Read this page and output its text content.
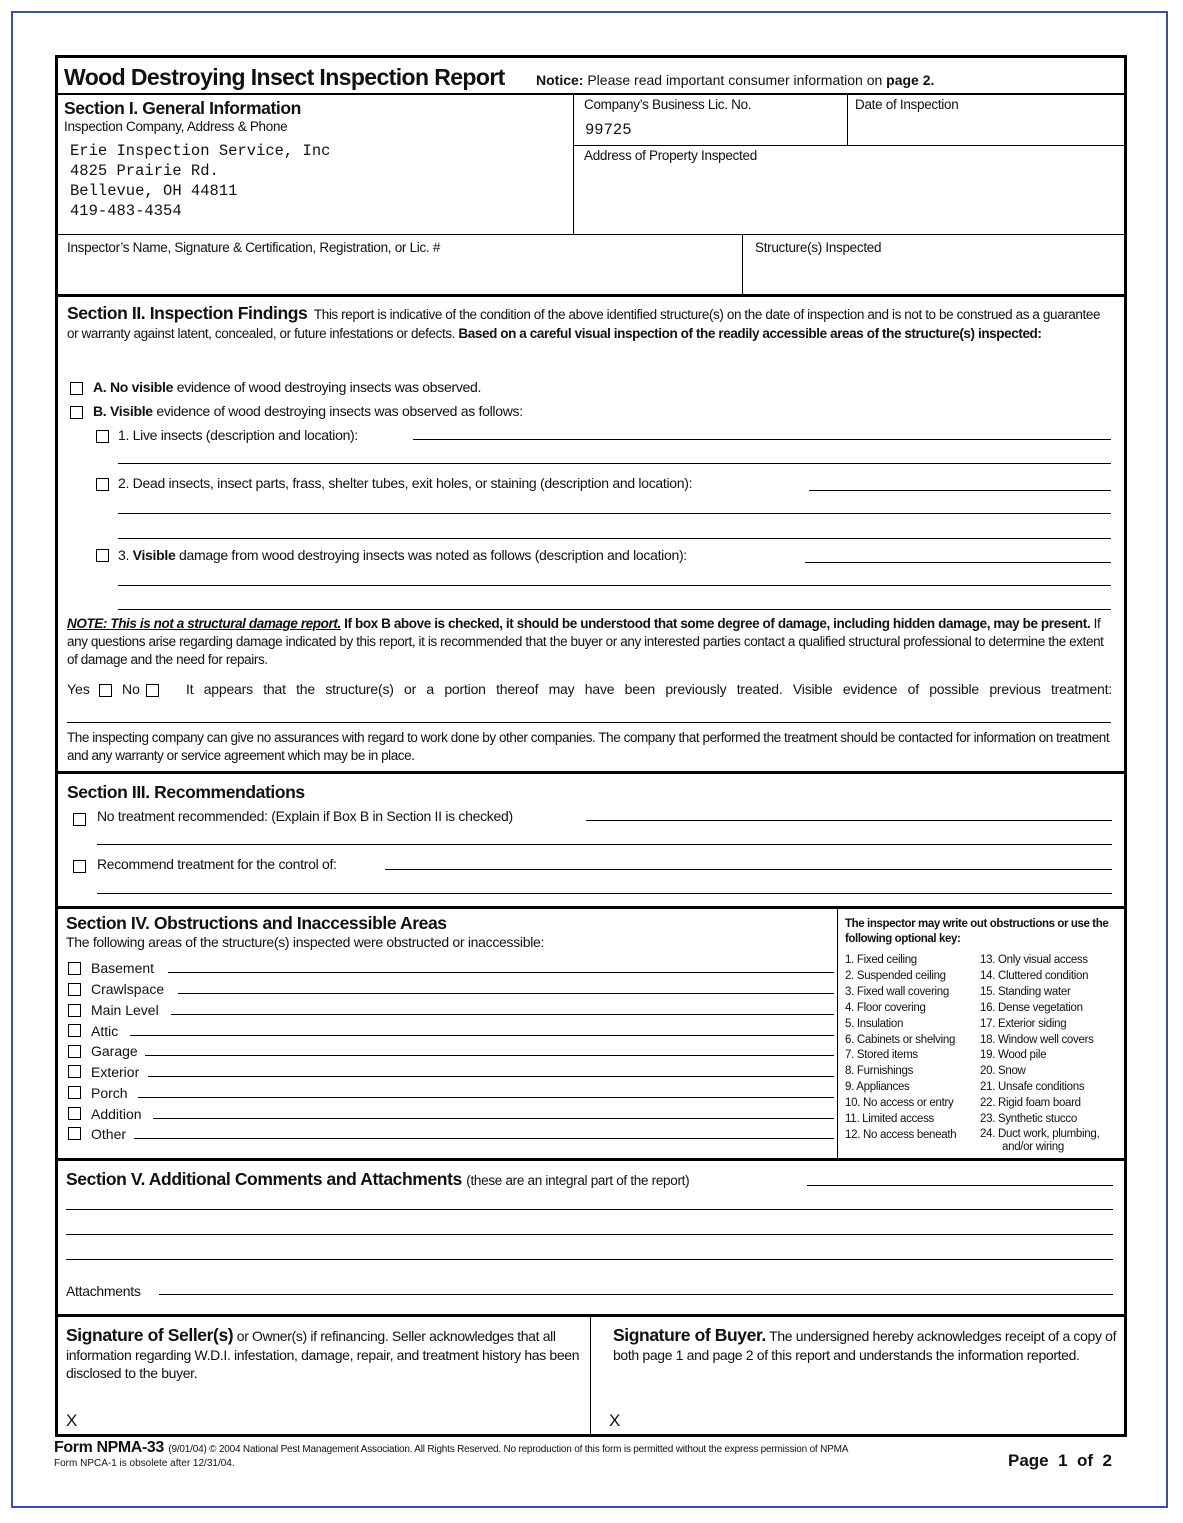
Wood Destroying Insect Inspection Report Notice: Please read important consumer information on page 2.
Section I. General Information
Inspection Company, Address & Phone
Erie Inspection Service, Inc
4825 Prairie Rd.
Bellevue, OH 44811
419-483-4354
Company’s Business Lic. No.
99725
Date of Inspection
Address of Property Inspected
Inspector’s Name, Signature & Certification, Registration, or Lic. #	Structure(s) Inspected
Section II. Inspection Findings This report is indicative of the condition of the above identified structure(s) on the date of inspection and is not to be construed as a guarantee or warranty against latent, concealed, or future infestations or defects. Based on a careful visual inspection of the readily accessible areas of the structure(s) inspected:
A. No visible evidence of wood destroying insects was observed.
B. Visible evidence of wood destroying insects was observed as follows:
1. Live insects (description and location):
2. Dead insects, insect parts, frass, shelter tubes, exit holes, or staining (description and location):
3. Visible damage from wood destroying insects was noted as follows (description and location):
NOTE: This is not a structural damage report. If box B above is checked, it should be understood that some degree of damage, including hidden damage, may be present. If any questions arise regarding damage indicated by this report, it is recommended that the buyer or any interested parties contact a qualified structural professional to determine the extent of damage and the need for repairs.
Yes No	It appears that the structure(s) or a portion thereof may have been previously treated. Visible evidence of possible previous treatment:
The inspecting company can give no assurances with regard to work done by other companies. The company that performed the treatment should be contacted for information on treatment and any warranty or service agreement which may be in place.
Section III. Recommendations
No treatment recommended: (Explain if Box B in Section II is checked)
Recommend treatment for the control of:
Section IV. Obstructions and Inaccessible Areas
The following areas of the structure(s) inspected were obstructed or inaccessible:
Basement
Crawlspace
Main Level
Attic
Garage
Exterior
Porch
Addition
Other
The inspector may write out obstructions or use the following optional key:
1. Fixed ceiling
2. Suspended ceiling
3. Fixed wall covering
4. Floor covering
5. Insulation
6. Cabinets or shelving
7. Stored items
8. Furnishings
9. Appliances
10. No access or entry
11. Limited access
12. No access beneath
13. Only visual access
14. Cluttered condition
15. Standing water
16. Dense vegetation
17. Exterior siding
18. Window well covers
19. Wood pile
20. Snow
21. Unsafe conditions
22. Rigid foam board
23. Synthetic stucco
24. Duct work, plumbing,
and/or wiring
Section V. Additional Comments and Attachments (these are an integral part of the report)
Attachments
Signature of Seller(s) or Owner(s) if refinancing. Seller acknowledges that all information regarding W.D.I. infestation, damage, repair, and treatment history has been disclosed to the buyer.
X
Signature of Buyer. The undersigned hereby acknowledges receipt of a copy of both page 1 and page 2 of this report and understands the information reported.
X
Form NPMA-33 (9/01/04) © 2004 National Pest Management Association. All Rights Reserved. No reproduction of this form is permitted without the express permission of NPMA
Form NPCA-1 is obsolete after 12/31/04.	Page  1  of  2
